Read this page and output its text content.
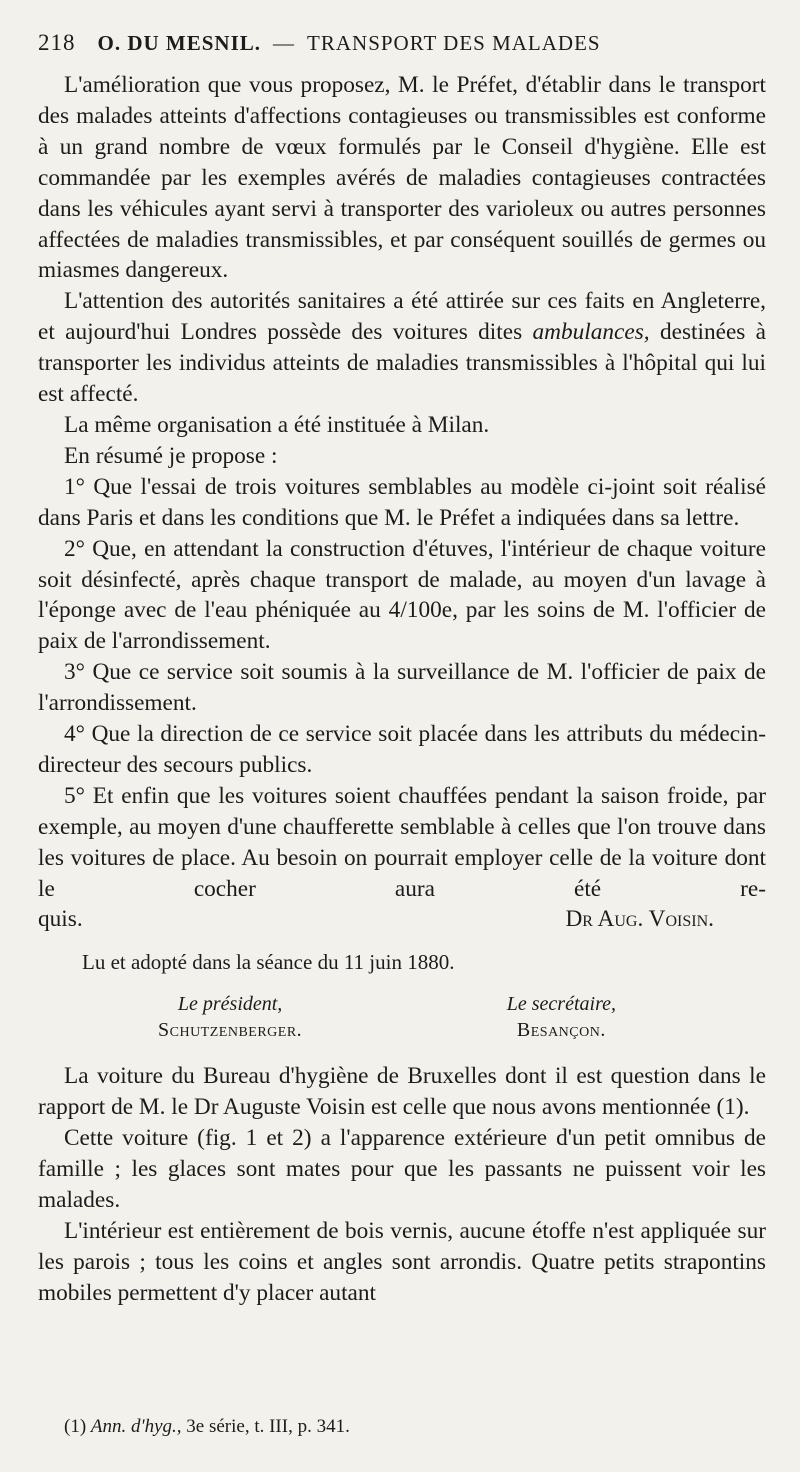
218 O. DU MESNIL. — TRANSPORT DES MALADES

L'amélioration que vous proposez, M. le Préfet, d'établir dans le transport des malades atteints d'affections contagieuses ou transmissibles est conforme à un grand nombre de vœux formulés par le Conseil d'hygiène. Elle est commandée par les exemples avérés de maladies contagieuses contractées dans les véhicules ayant servi à transporter des varioleux ou autres personnes affectées de maladies transmissibles, et par conséquent souillés de germes ou miasmes dangereux.

L'attention des autorités sanitaires a été attirée sur ces faits en Angleterre, et aujourd'hui Londres possède des voitures dites ambulances, destinées à transporter les individus atteints de maladies transmissibles à l'hôpital qui lui est affecté.

La même organisation a été instituée à Milan.

En résumé je propose :

1° Que l'essai de trois voitures semblables au modèle ci-joint soit réalisé dans Paris et dans les conditions que M. le Préfet a indiquées dans sa lettre.

2° Que, en attendant la construction d'étuves, l'intérieur de chaque voiture soit désinfecté, après chaque transport de malade, au moyen d'un lavage à l'éponge avec de l'eau phéniquée au 4/100e, par les soins de M. l'officier de paix de l'arrondissement.

3° Que ce service soit soumis à la surveillance de M. l'officier de paix de l'arrondissement.

4° Que la direction de ce service soit placée dans les attributs du médecin-directeur des secours publics.

5° Et enfin que les voitures soient chauffées pendant la saison froide, par exemple, au moyen d'une chaufferette semblable à celles que l'on trouve dans les voitures de place. Au besoin on pourrait employer celle de la voiture dont le cocher aura été re-

quis.	Dr Aug. Voisin.
Lu et adopté dans la séance du 11 juin 1880.
Le président,
Schutzenberger.
Le secrétaire,
Besançon.

La voiture du Bureau d'hygiène de Bruxelles dont il est question dans le rapport de M. le Dr Auguste Voisin est celle que nous avons mentionnée (1).

Cette voiture (fig. 1 et 2) a l'apparence extérieure d'un petit omnibus de famille ; les glaces sont mates pour que les passants ne puissent voir les malades.

L'intérieur est entièrement de bois vernis, aucune étoffe n'est appliquée sur les parois ; tous les coins et angles sont arrondis. Quatre petits strapontins mobiles permettent d'y placer autant

(1) Ann. d'hyg., 3e série, t. III, p. 341.
